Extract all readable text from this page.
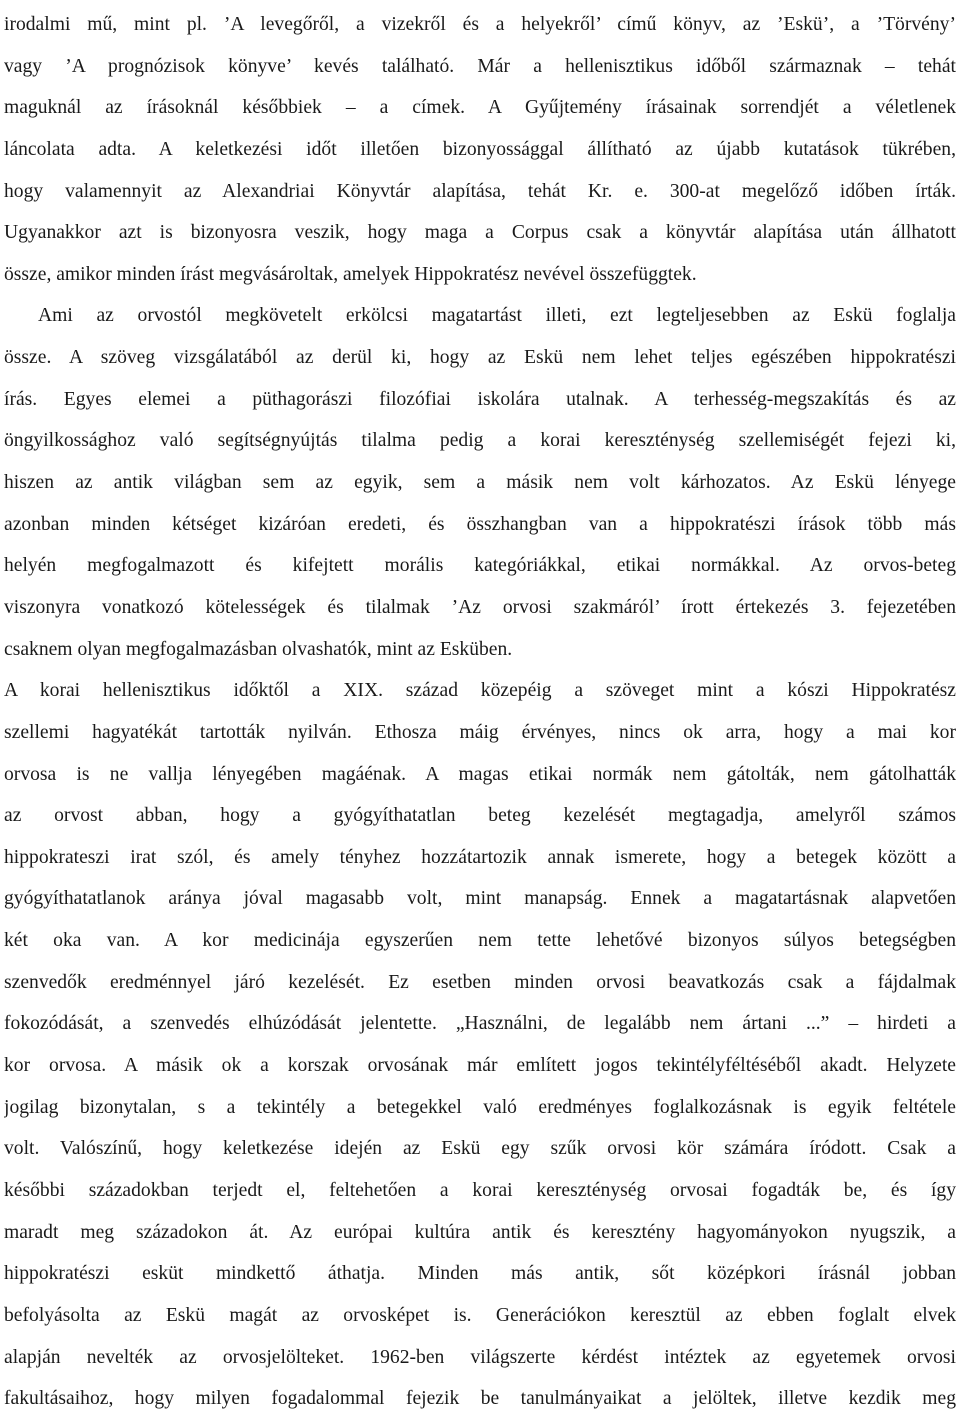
irodalmi mű, mint pl. ’A levegőről, a vizekről és a helyekről’ című könyv, az ’Eskü’, a ’Törvény’
vagy ’A prognózisok könyve’ kevés található. Már a hellenisztikus időből származnak – tehát
maguknál az írásoknál későbbiek – a címek. A Gyűjtemény írásainak sorrendjét a véletlenek
láncolata adta. A keletkezési időt illetően bizonyossággal állítható az újabb kutatások tükrében,
hogy valamennyit az Alexandriai Könyvtár alapítása, tehát Kr. e. 300-at megelőző időben írták.
Ugyanakkor azt is bizonyosra veszik, hogy maga a Corpus csak a könyvtár alapítása után állhatott
össze, amikor minden írást megvásároltak, amelyek Hippokratész nevével összefüggtek.
Ami az orvostól megkövetelt erkölcsi magatartást illeti, ezt legteljesebben az Eskü foglalja
össze. A szöveg vizsgálatából az derül ki, hogy az Eskü nem lehet teljes egészében hippokratészi
írás. Egyes elemei a püthagorászi filozófiai iskolára utalnak. A terhesség-megszakítás és az
öngyilkossághoz való segítségnyújtás tilalma pedig a korai kereszténység szellemiségét fejezi ki,
hiszen az antik világban sem az egyik, sem a másik nem volt kárhozatos. Az Eskü lényege
azonban minden kétséget kizáróan eredeti, és összhangban van a hippokratészi írások több más
helyén megfogalmazott és kifejtett morális kategóriákkal, etikai normákkal. Az orvos-beteg
viszonyra vonatkozó kötelességek és tilalmak ’Az orvosi szakmáról’ írott értekezés 3. fejezetében
csaknem olyan megfogalmazásban olvashatók, mint az Esküben.
A korai hellenisztikus időktől a XIX. század közepéig a szöveget mint a kószi Hippokratész
szellemi hagyatékát tartották nyilván. Ethosza máig érvényes, nincs ok arra, hogy a mai kor
orvosa is ne vallja lényegében magáénak. A magas etikai normák nem gátolták, nem gátolhatták
az orvost abban, hogy a gyógyíthatatlan beteg kezelését megtagadja, amelyről számos
hippokrateszi irat szól, és amely tényhez hozzátartozik annak ismerete, hogy a betegek között a
gyógyíthatatlanok aránya jóval magasabb volt, mint manapság. Ennek a magatartásnak alapvetően
két oka van. A kor medicinája egyszerűen nem tette lehetővé bizonyos súlyos betegségben
szenvedők eredménnyel járó kezelését. Ez esetben minden orvosi beavatkozás csak a fájdalmak
fokozódását, a szenvedés elhúzódását jelentette. „Használni, de legalább nem ártani ...” – hirdeti a
kor orvosa. A másik ok a korszak orvosának már említett jogos tekintélyféltéséből akadt. Helyzete
jogilag bizonytalan, s a tekintély a betegekkel való eredményes foglalkozásnak is egyik feltétele
volt. Valószínű, hogy keletkezése idején az Eskü egy szűk orvosi kör számára íródott. Csak a
későbbi századokban terjedt el, feltehetően a korai kereszténység orvosai fogadták be, és így
maradt meg századokon át. Az európai kultúra antik és keresztény hagyományokon nyugszik, a
hippokratészi esküt mindkettő áthatja. Minden más antik, sőt középkori írásnál jobban
befolyásolta az Eskü magát az orvosképet is. Generációkon keresztül az ebben foglalt elvek
alapján nevelték az orvosjelölteket. 1962-ben világszerte kérdést intéztek az egyetemek orvosi
fakultásaihoz, hogy milyen fogadalommal fejezik be tanulmányaikat a jelöltek, illetve kezdik meg
